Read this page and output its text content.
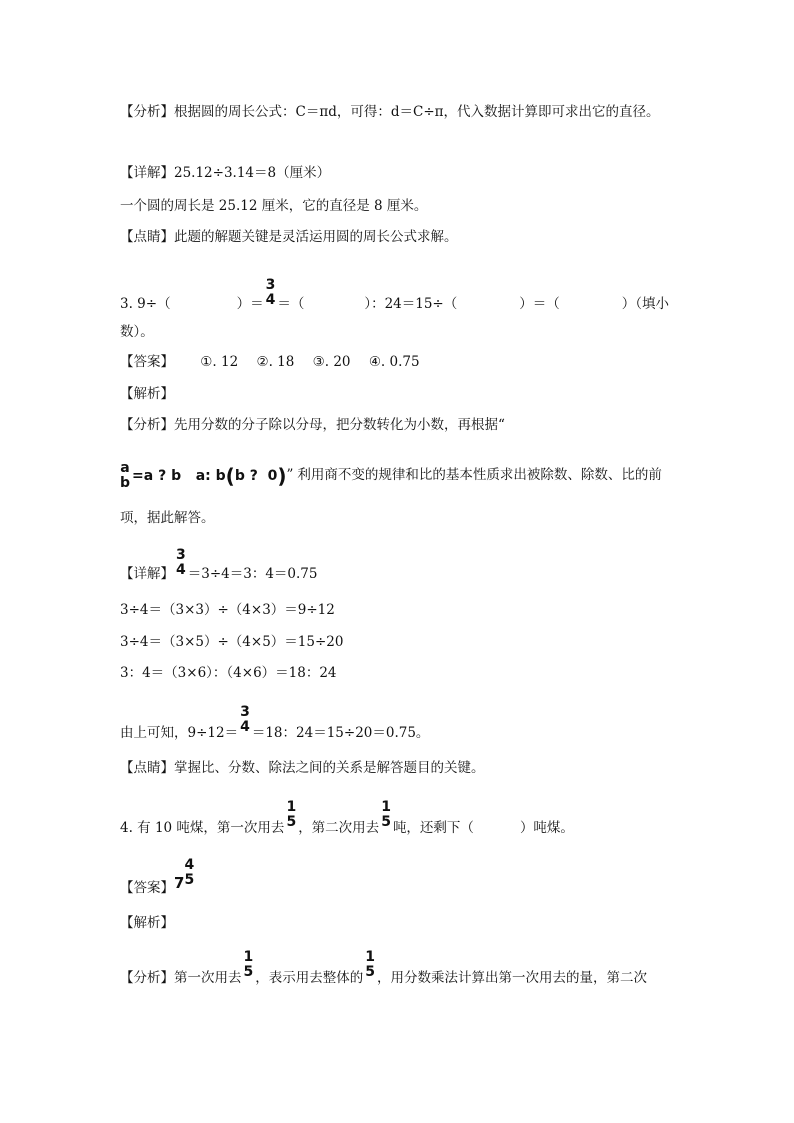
【分析】根据圆的周长公式：C＝πd，可得：d＝C÷π，代入数据计算即可求出它的直径。
【详解】25.12÷3.14＝8（厘米）
一个圆的周长是 25.12 厘米，它的直径是 8 厘米。
【点睛】此题的解题关键是灵活运用圆的周长公式求解。
3. 9÷（	）＝
3
4 ＝（	）：24＝15÷（	）＝（	）（填小
数）。
【答案】 ①. 12 ②. 18 ③. 20 ④. 0.75
【解析】
【分析】先用分数的分子除以分母，把分数转化为小数，再根据“
a
b =a ? b   a: b(b ?  0)” 利用商不变的规律和比的基本性质求出被除数、除数、比的前
项，据此解答。
【详解】
3
4 ＝3÷4＝3：4＝0.75
3÷4＝（3×3）÷（4×3）＝9÷12
3÷4＝（3×5）÷（4×5）＝15÷20
3：4＝（3×6）：（4×6）＝18：24
由上可知，9÷12＝
3
4 ＝18：24＝15÷20＝0.75。
【点睛】掌握比、分数、除法之间的关系是解答题目的关键。
4. 有 10 吨煤，第一次用去
1
5 ，第二次用去
1
5 吨，还剩下（	）吨煤。
【答案】7
4
5
【解析】
【分析】第一次用去
1
5 ，表示用去整体的
1
5 ，用分数乘法计算出第一次用去的量，第二次
